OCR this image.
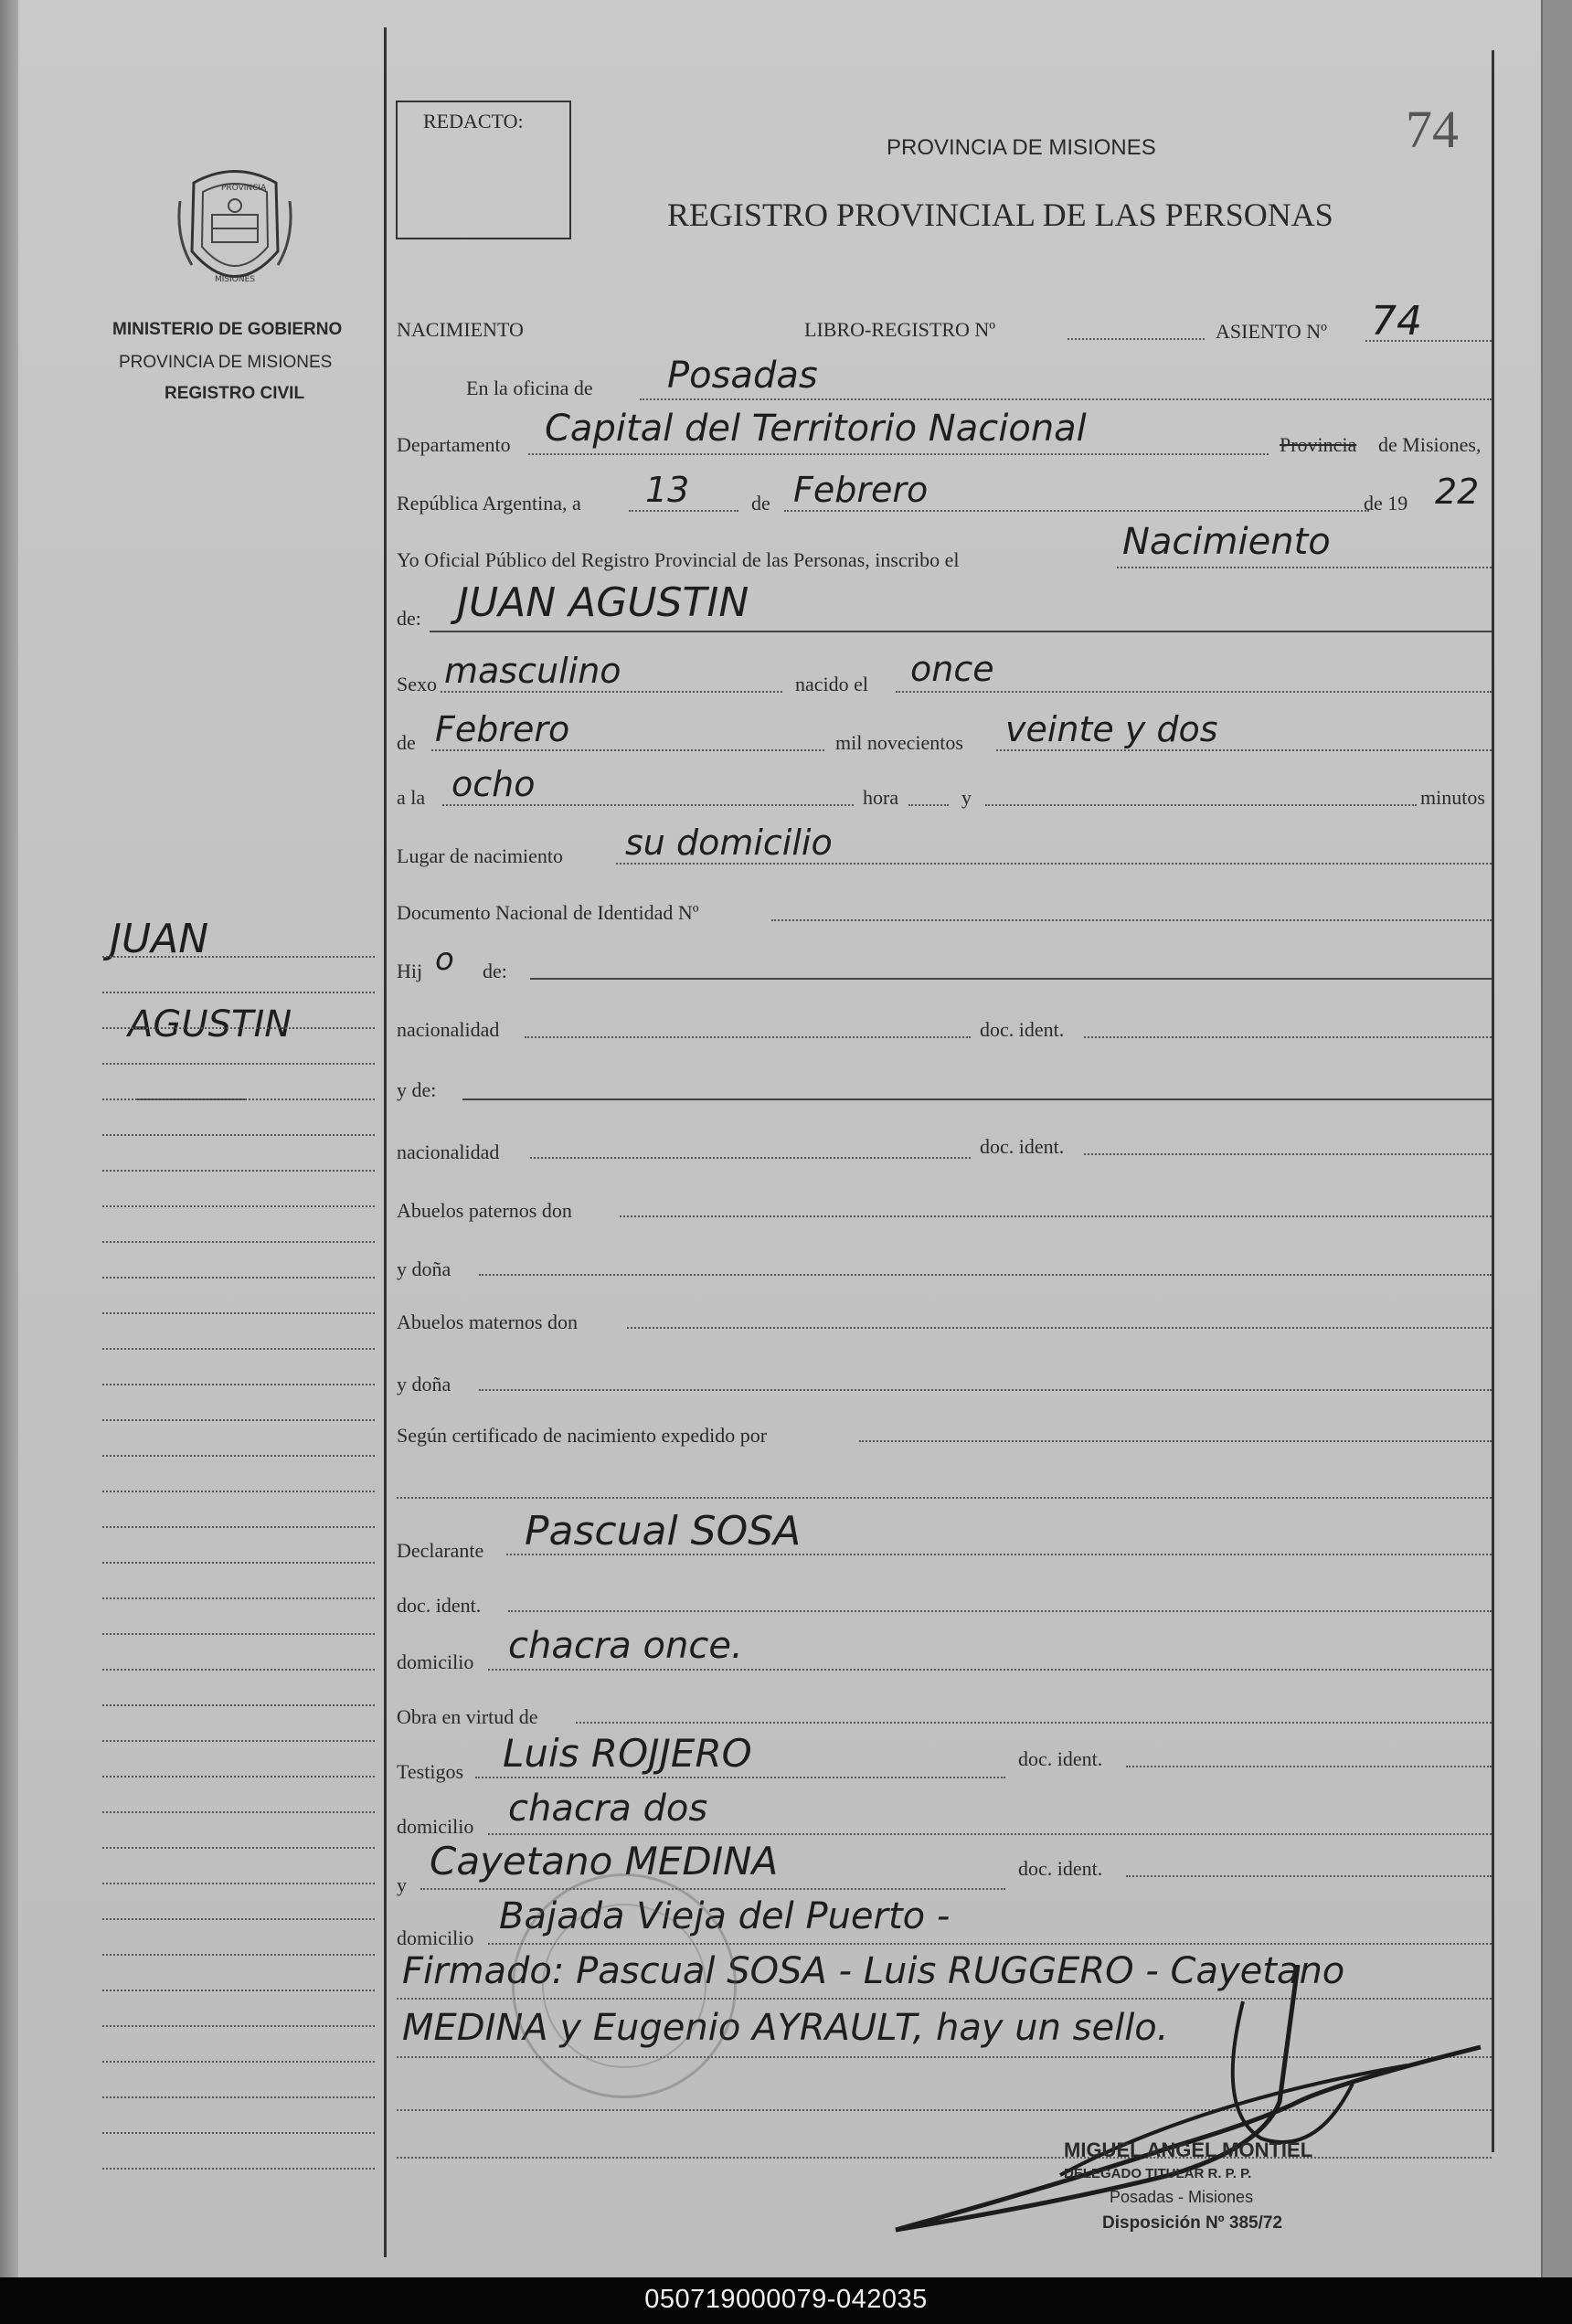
PROVINCIA
MISIONES
MINISTERIO DE GOBIERNO
PROVINCIA DE MISIONES
REGISTRO CIVIL
JUAN
AGUSTIN
REDACTO:	74
PROVINCIA DE MISIONES
REGISTRO PROVINCIAL DE LAS PERSONAS
NACIMIENTO	LIBRO-REGISTRO Nº	ASIENTO Nº 74
En la oficina de Posadas
Departamento Capital del Territorio Nacional	Provincia de Misiones,
República Argentina, a 13	de Febrero	de 19 22
Yo Oficial Público del Registro Provincial de las Personas, inscribo el	Nacimiento
de: JUAN AGUSTIN
Sexo masculino	nacido el once
de Febrero	mil novecientos veinte y dos
a la ocho	hora	y	minutos
Lugar de nacimiento su domicilio
Documento Nacional de Identidad Nº
Hij o de:
nacionalidad	doc. ident.
y de:
nacionalidad	doc. ident.
Abuelos paternos don
y doña
Abuelos maternos don
y doña
Según certificado de nacimiento expedido por
Declarante Pascual SOSA
doc. ident.
domicilio chacra once.
Obra en virtud de
Testigos Luis ROJJERO	doc. ident.
domicilio chacra dos
y
Cayetano MEDINA	doc. ident.
domicilio
Bajada Vieja del Puerto -
Firmado: Pascual SOSA - Luis RUGGERO - Cayetano
MEDINA y Eugenio AYRAULT, hay un sello.
MIGUEL ANGEL MONTIEL
DELEGADO TITULAR R. P. P.
Posadas - Misiones
Disposición Nº 385/72
050719000079-042035
